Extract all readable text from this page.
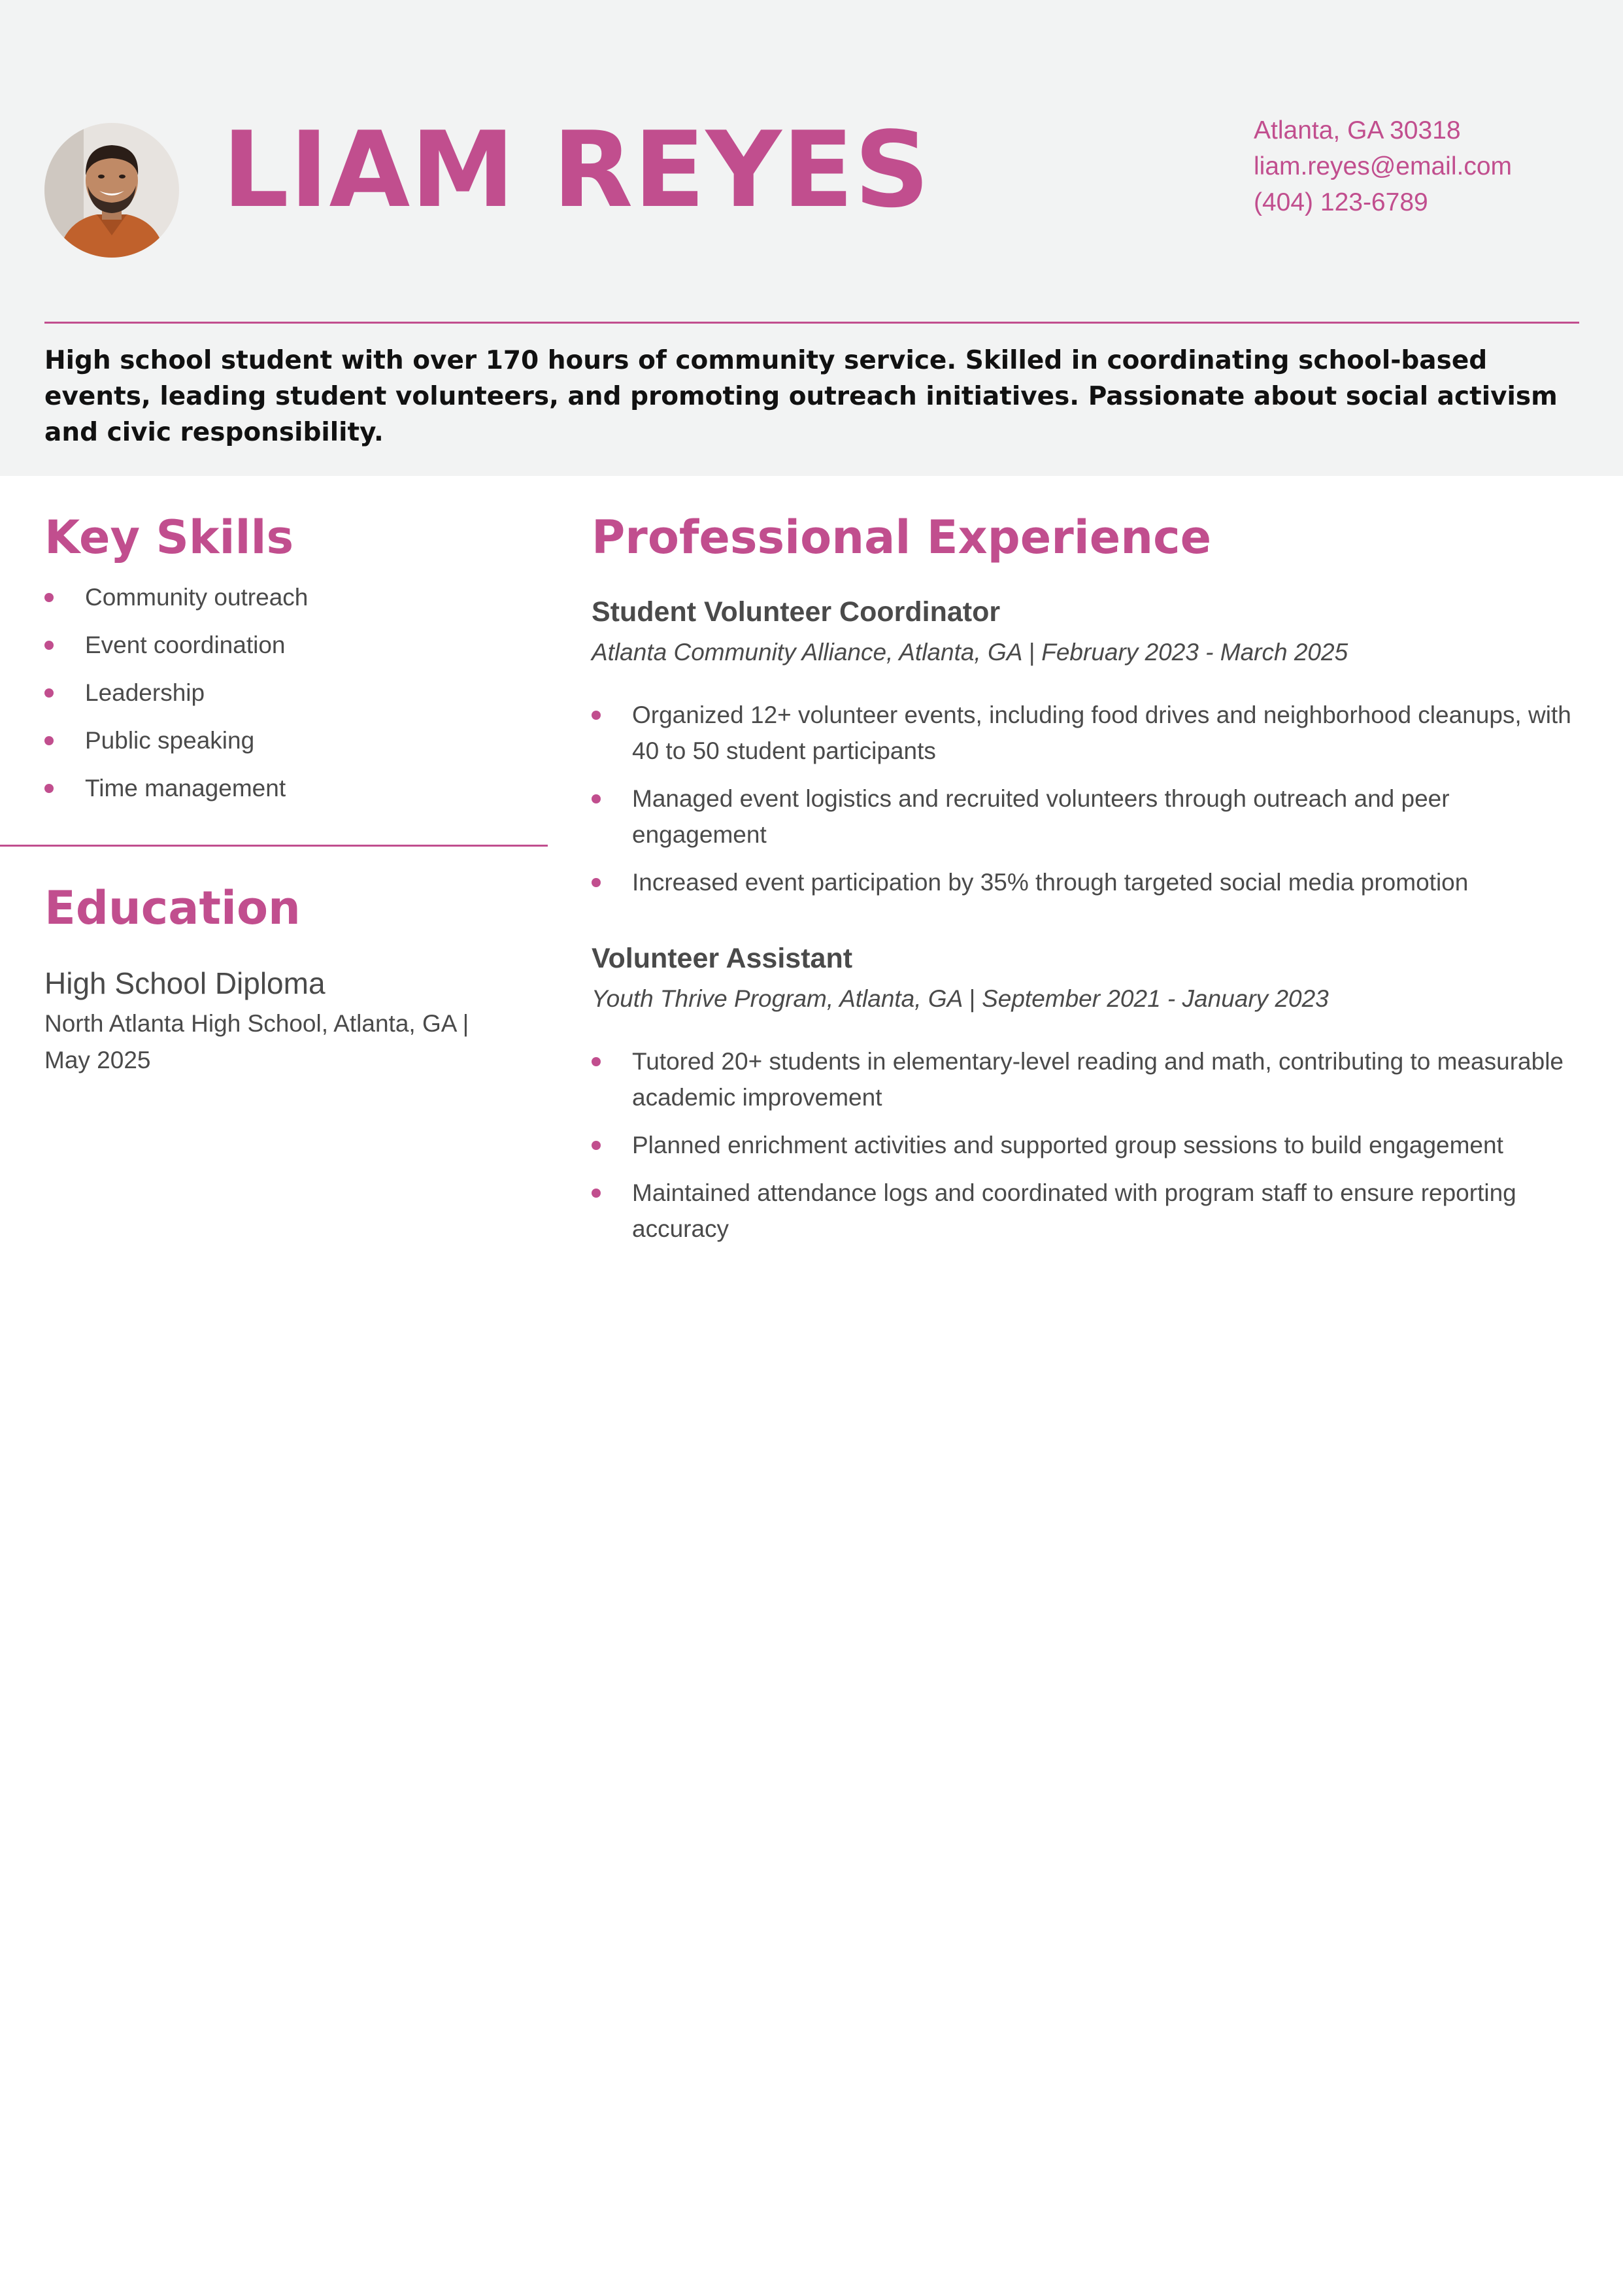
LIAM REYES	Atlanta, GA 30318
liam.reyes@email.com
(404) 123-6789

High school student with over 170 hours of community service. Skilled in coordinating school-based events, leading student volunteers, and promoting outreach initiatives. Passionate about social activism and civic responsibility.

Key Skills
Community outreach
Event coordination
Leadership
Public speaking
Time management
Education
High School Diploma
North Atlanta High School, Atlanta, GA | May 2025
Professional Experience
Student Volunteer Coordinator
Atlanta Community Alliance, Atlanta, GA | February 2023 - March 2025
Organized 12+ volunteer events, including food drives and neighborhood cleanups, with 40 to 50 student participants
Managed event logistics and recruited volunteers through outreach and peer engagement
Increased event participation by 35% through targeted social media promotion
Volunteer Assistant
Youth Thrive Program, Atlanta, GA | September 2021 - January 2023
Tutored 20+ students in elementary-level reading and math, contributing to measurable academic improvement
Planned enrichment activities and supported group sessions to build engagement
Maintained attendance logs and coordinated with program staff to ensure reporting accuracy
